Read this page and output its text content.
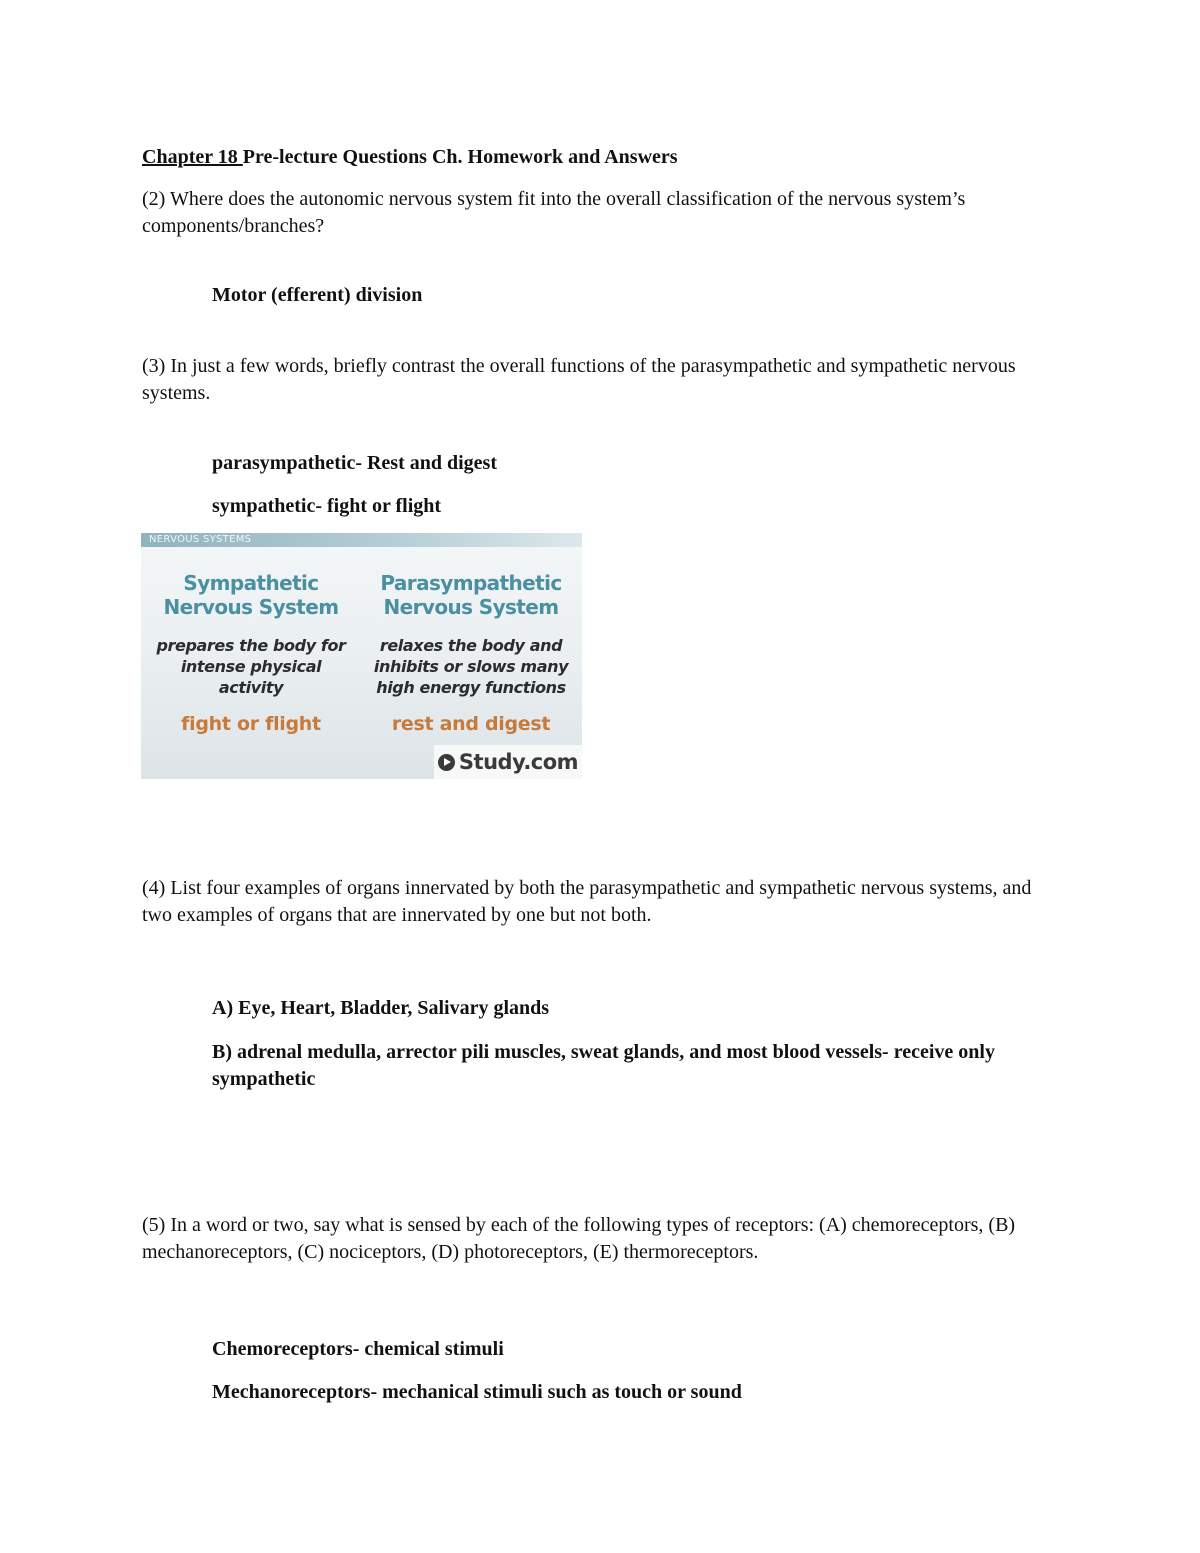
Chapter 18 Pre-lecture Questions Ch. Homework and Answers
(2) Where does the autonomic nervous system fit into the overall classification of the nervous system’s components/branches?
Motor (efferent) division
(3) In just a few words, briefly contrast the overall functions of the parasympathetic and sympathetic nervous systems.
parasympathetic- Rest and digest
sympathetic- fight or flight
NERVOUS SYSTEMS
Sympathetic
Nervous System
prepares the body for
intense physical
activity
fight or flight
Parasympathetic
Nervous System
relaxes the body and
inhibits or slows many
high energy functions
rest and digest
Study.com
(4) List four examples of organs innervated by both the parasympathetic and sympathetic nervous systems, and two examples of organs that are innervated by one but not both.
A) Eye, Heart, Bladder, Salivary glands
B) adrenal medulla, arrector pili muscles, sweat glands, and most blood vessels- receive only sympathetic
(5) In a word or two, say what is sensed by each of the following types of receptors: (A) chemoreceptors, (B) mechanoreceptors, (C) nociceptors, (D) photoreceptors, (E) thermoreceptors.
Chemoreceptors- chemical stimuli
Mechanoreceptors- mechanical stimuli such as touch or sound
